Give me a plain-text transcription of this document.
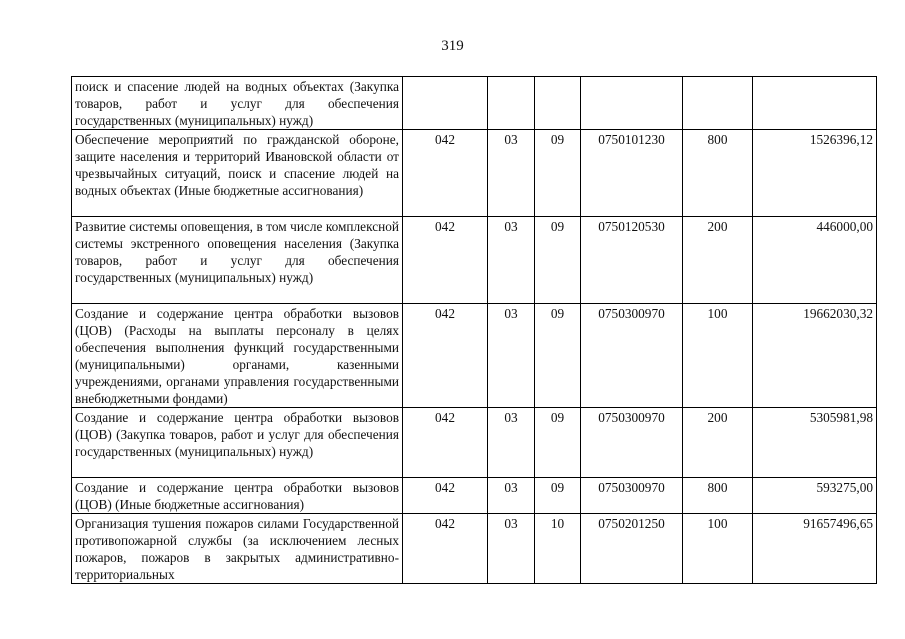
319
поиск и спасение людей на водных объектах (Закупка товаров, работ и услуг для обеспечения государственных (муниципальных) нужд)						
Обеспечение мероприятий по гражданской обороне, защите населения и территорий Ивановской области от чрезвычайных ситуаций, поиск и спасение людей на водных объектах (Иные бюджетные ассигнования)	042	03	09	0750101230	800	1526396,12
Развитие системы оповещения, в том числе комплексной системы экстренного оповещения населения (Закупка товаров, работ и услуг для обеспечения государственных (муниципальных) нужд)	042	03	09	0750120530	200	446000,00
Создание и содержание центра обработки вызовов (ЦОВ) (Расходы на выплаты персоналу в целях обеспечения выполнения функций государственными (муниципальными) органами, казенными учреждениями, органами управления государственными внебюджетными фондами)	042	03	09	0750300970	100	19662030,32
Создание и содержание центра обработки вызовов (ЦОВ) (Закупка товаров, работ и услуг для обеспечения государственных (муниципальных) нужд)	042	03	09	0750300970	200	5305981,98
Создание и содержание центра обработки вызовов (ЦОВ) (Иные бюджетные ассигнования)	042	03	09	0750300970	800	593275,00
Организация тушения пожаров силами Государственной противопожарной службы (за исключением лесных пожаров, пожаров в закрытых административно-территориальных	042	03	10	0750201250	100	91657496,65
